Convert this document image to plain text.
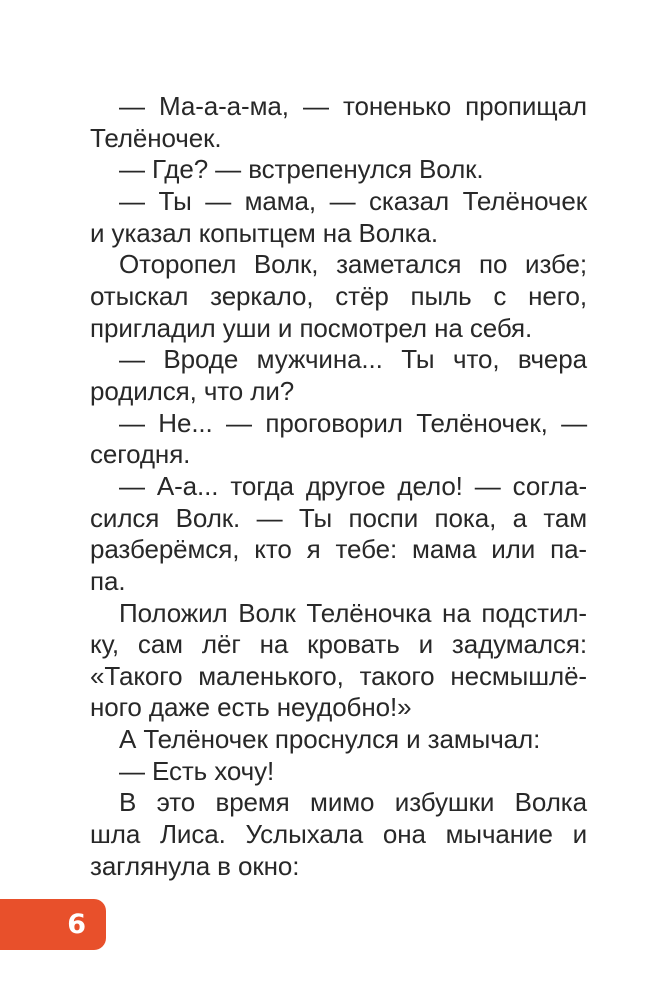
— Ма-а-а-ма, — тоненько пропищал
Телёночек.
— Где? — встрепенулся Волк.
— Ты — мама, — сказал Телёночек
и указал копытцем на Волка.
Оторопел Волк, заметался по избе;
отыскал зеркало, стёр пыль с него,
пригладил уши и посмотрел на себя.
— Вроде мужчина... Ты что, вчера
родился, что ли?
— Не... — проговорил Телёночек, —
сегодня.
— А-а... тогда другое дело! — согла-
сился Волк. — Ты поспи пока, а там
разберёмся, кто я тебе: мама или па-
па.
Положил Волк Телёночка на подстил-
ку, сам лёг на кровать и задумался:
«Такого маленького, такого несмышлё-
ного даже есть неудобно!»
А Телёночек проснулся и замычал:
— Есть хочу!
В это время мимо избушки Волка
шла Лиса. Услыхала она мычание и
заглянула в окно:
6
